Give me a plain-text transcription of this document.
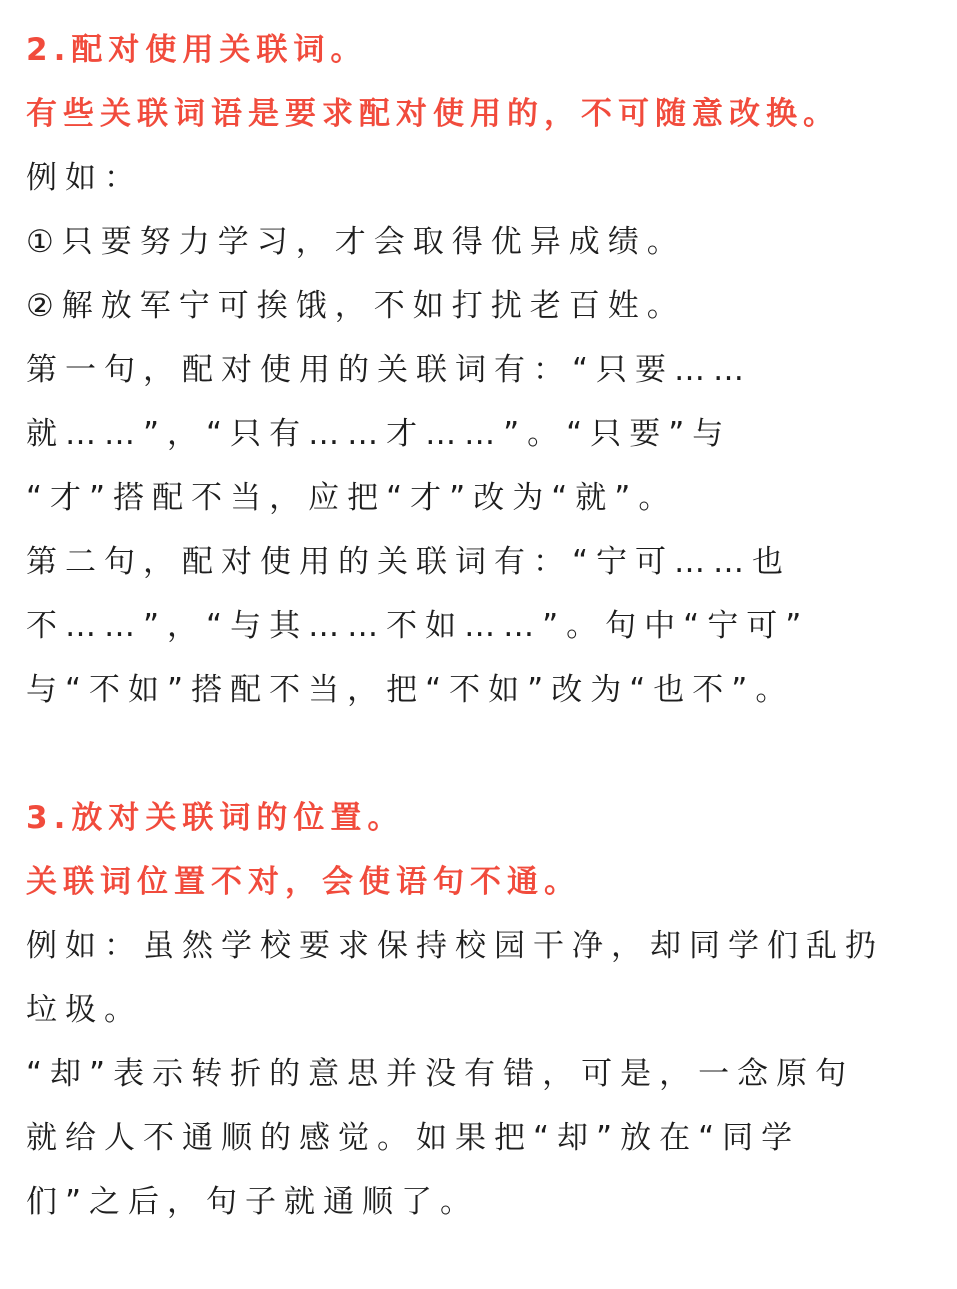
2.配对使用关联词。
有些关联词语是要求配对使用的，不可随意改换。
例如：
①只要努力学习，才会取得优异成绩。
②解放军宁可挨饿，不如打扰老百姓。
第一句，配对使用的关联词有：“只要……
就……”，“只有……才……”。“只要”与
“才”搭配不当，应把“才”改为“就”。
第二句，配对使用的关联词有：“宁可……也
不……”，“与其……不如……”。句中“宁可”
与“不如”搭配不当，把“不如”改为“也不”。
3.放对关联词的位置。
关联词位置不对，会使语句不通。
例如：虽然学校要求保持校园干净，却同学们乱扔
垃圾。
“却”表示转折的意思并没有错，可是，一念原句
就给人不通顺的感觉。如果把“却”放在“同学
们”之后，句子就通顺了。
